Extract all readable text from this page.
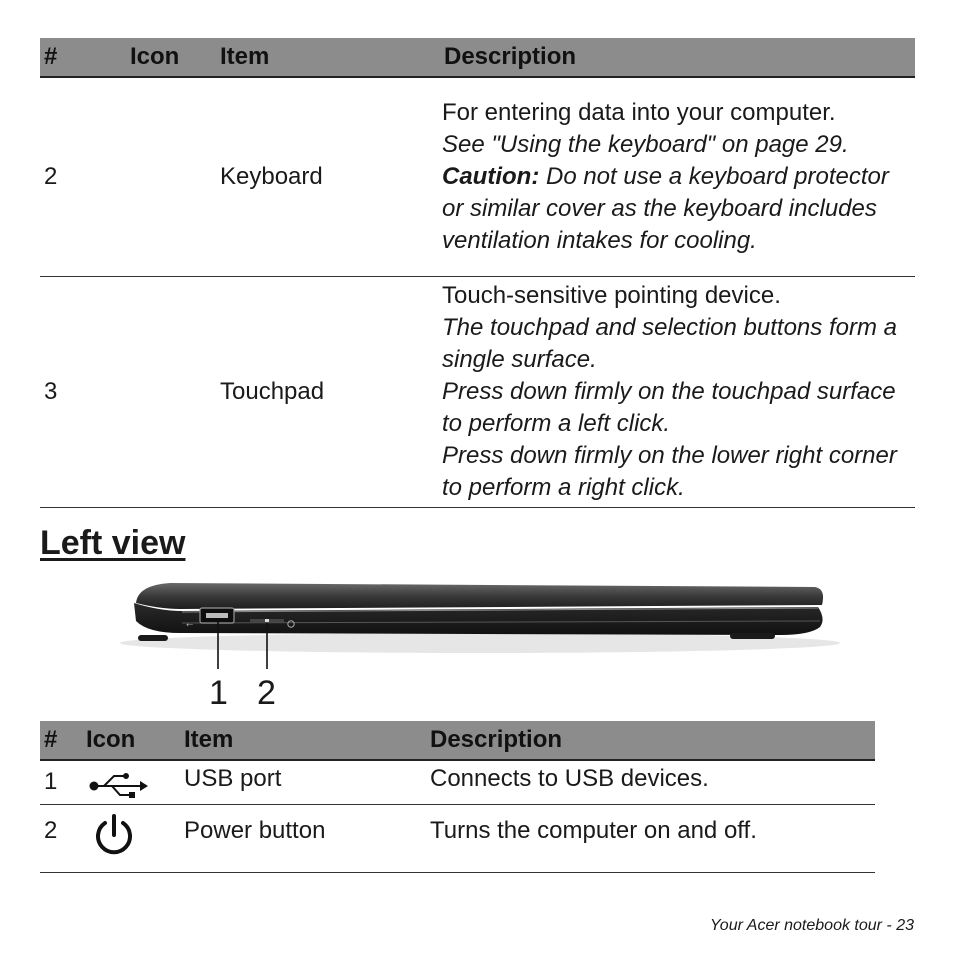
#	Icon	Item	Description
2		Keyboard	For entering data into your computer.
See "Using the keyboard" on page 29.
Caution: Do not use a keyboard protector or similar cover as the keyboard includes ventilation intakes for cooling.

3		Touchpad	Touch-sensitive pointing device.
The touchpad and selection buttons form a single surface.
Press down firmly on the touchpad surface to perform a left click.
Press down firmly on the lower right corner to perform a right click.
Left view
⭠
1 2
#	Icon	Item	Description
1		USB port	Connects to USB devices.
2		Power button	Turns the computer on and off.
Your Acer notebook tour - 23
